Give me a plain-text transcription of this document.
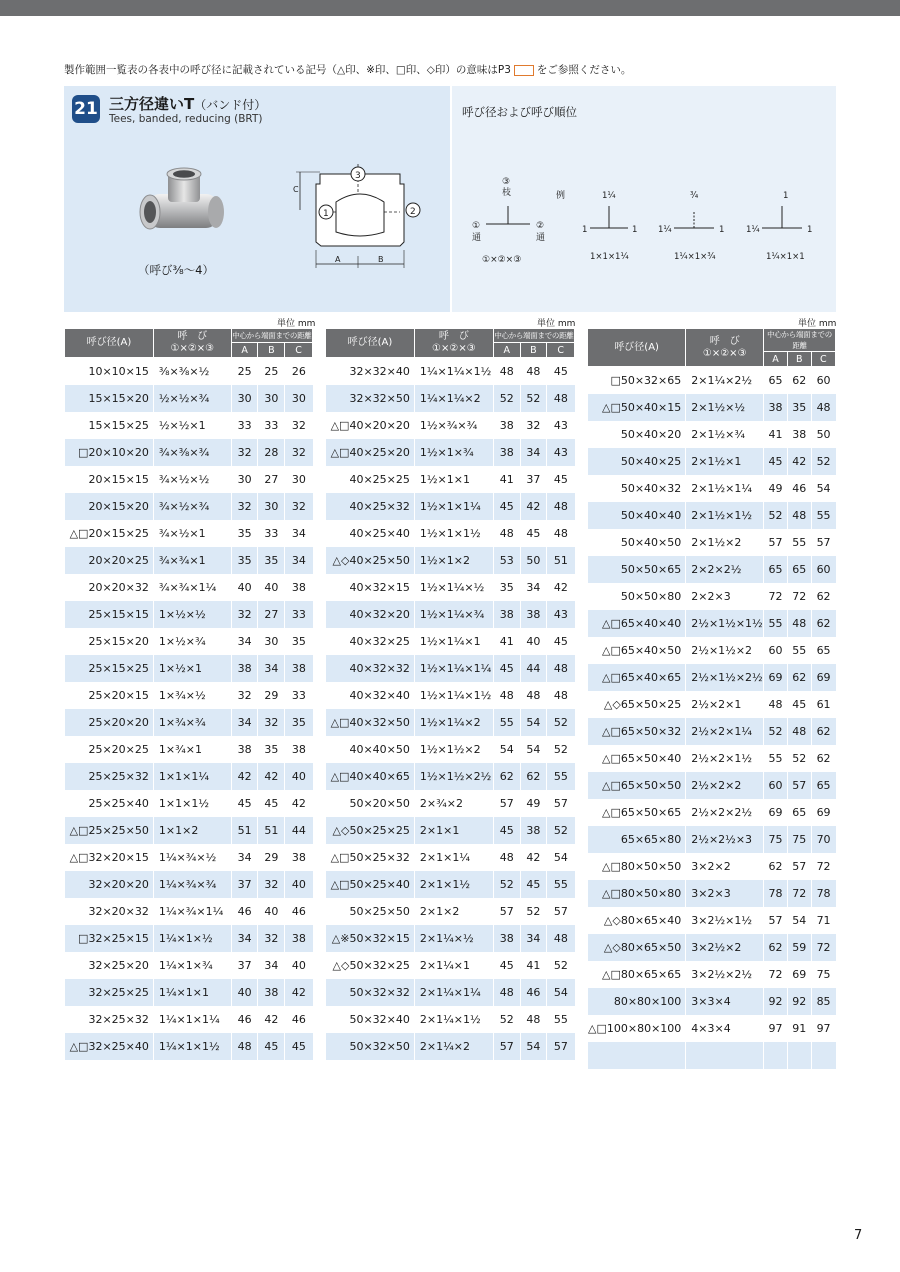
製作範囲一覧表の各表中の呼び径に記載されている記号（△印、※印、□印、◇印）の意味はP3 をご参照ください。
21 三方径違いT（バンド付）
Tees, banded, reducing (BRT)
（呼び⅜～4）
C
A	B
3
1	2
呼び径および呼び順位
③
枝	例
①
通
②
通
①×②×③
1¼
1	1
1×1×1¼
¾
1¼	1
1¼×1×¾
1
1¼	1
1¼×1×1
単位 mm	単位 mm	単位 mm
呼び径(A)	呼　び
①×②×③	中心から端面までの距離		
		A	B	C
10×10×15	⅜×⅜×½	25	25	26
15×15×20	½×½×¾	30	30	30
15×15×25	½×½×1	33	33	32
□20×10×20	¾×⅜×¾	32	28	32
20×15×15	¾×½×½	30	27	30
20×15×20	¾×½×¾	32	30	32
△□20×15×25	¾×½×1	35	33	34
20×20×25	¾×¾×1	35	35	34
20×20×32	¾×¾×1¼	40	40	38
25×15×15	1×½×½	32	27	33
25×15×20	1×½×¾	34	30	35
25×15×25	1×½×1	38	34	38
25×20×15	1×¾×½	32	29	33
25×20×20	1×¾×¾	34	32	35
25×20×25	1×¾×1	38	35	38
25×25×32	1×1×1¼	42	42	40
25×25×40	1×1×1½	45	45	42
△□25×25×50	1×1×2	51	51	44
△□32×20×15	1¼×¾×½	34	29	38
32×20×20	1¼×¾×¾	37	32	40
32×20×32	1¼×¾×1¼	46	40	46
□32×25×15	1¼×1×½	34	32	38
32×25×20	1¼×1×¾	37	34	40
32×25×25	1¼×1×1	40	38	42
32×25×32	1¼×1×1¼	46	42	46
△□32×25×40	1¼×1×1½	48	45	45
呼び径(A)	呼　び
①×②×③	中心から端面までの距離		
		A	B	C
32×32×40	1¼×1¼×1½	48	48	45
32×32×50	1¼×1¼×2	52	52	48
△□40×20×20	1½×¾×¾	38	32	43
△□40×25×20	1½×1×¾	38	34	43
40×25×25	1½×1×1	41	37	45
40×25×32	1½×1×1¼	45	42	48
40×25×40	1½×1×1½	48	45	48
△◇40×25×50	1½×1×2	53	50	51
40×32×15	1½×1¼×½	35	34	42
40×32×20	1½×1¼×¾	38	38	43
40×32×25	1½×1¼×1	41	40	45
40×32×32	1½×1¼×1¼	45	44	48
40×32×40	1½×1¼×1½	48	48	48
△□40×32×50	1½×1¼×2	55	54	52
40×40×50	1½×1½×2	54	54	52
△□40×40×65	1½×1½×2½	62	62	55
50×20×50	2×¾×2	57	49	57
△◇50×25×25	2×1×1	45	38	52
△□50×25×32	2×1×1¼	48	42	54
△□50×25×40	2×1×1½	52	45	55
50×25×50	2×1×2	57	52	57
△※50×32×15	2×1¼×½	38	34	48
△◇50×32×25	2×1¼×1	45	41	52
50×32×32	2×1¼×1¼	48	46	54
50×32×40	2×1¼×1½	52	48	55
50×32×50	2×1¼×2	57	54	57
呼び径(A)	呼　び
①×②×③	中心から端面までの距離		
		A	B	C
□50×32×65	2×1¼×2½	65	62	60
△□50×40×15	2×1½×½	38	35	48
50×40×20	2×1½×¾	41	38	50
50×40×25	2×1½×1	45	42	52
50×40×32	2×1½×1¼	49	46	54
50×40×40	2×1½×1½	52	48	55
50×40×50	2×1½×2	57	55	57
50×50×65	2×2×2½	65	65	60
50×50×80	2×2×3	72	72	62
△□65×40×40	2½×1½×1½	55	48	62
△□65×40×50	2½×1½×2	60	55	65
△□65×40×65	2½×1½×2½	69	62	69
△◇65×50×25	2½×2×1	48	45	61
△□65×50×32	2½×2×1¼	52	48	62
△□65×50×40	2½×2×1½	55	52	62
△□65×50×50	2½×2×2	60	57	65
△□65×50×65	2½×2×2½	69	65	69
65×65×80	2½×2½×3	75	75	70
△□80×50×50	3×2×2	62	57	72
△□80×50×80	3×2×3	78	72	78
△◇80×65×40	3×2½×1½	57	54	71
△◇80×65×50	3×2½×2	62	59	72
△□80×65×65	3×2½×2½	72	69	75
80×80×100	3×3×4	92	92	85
△□100×80×100	4×3×4	97	91	97

7
